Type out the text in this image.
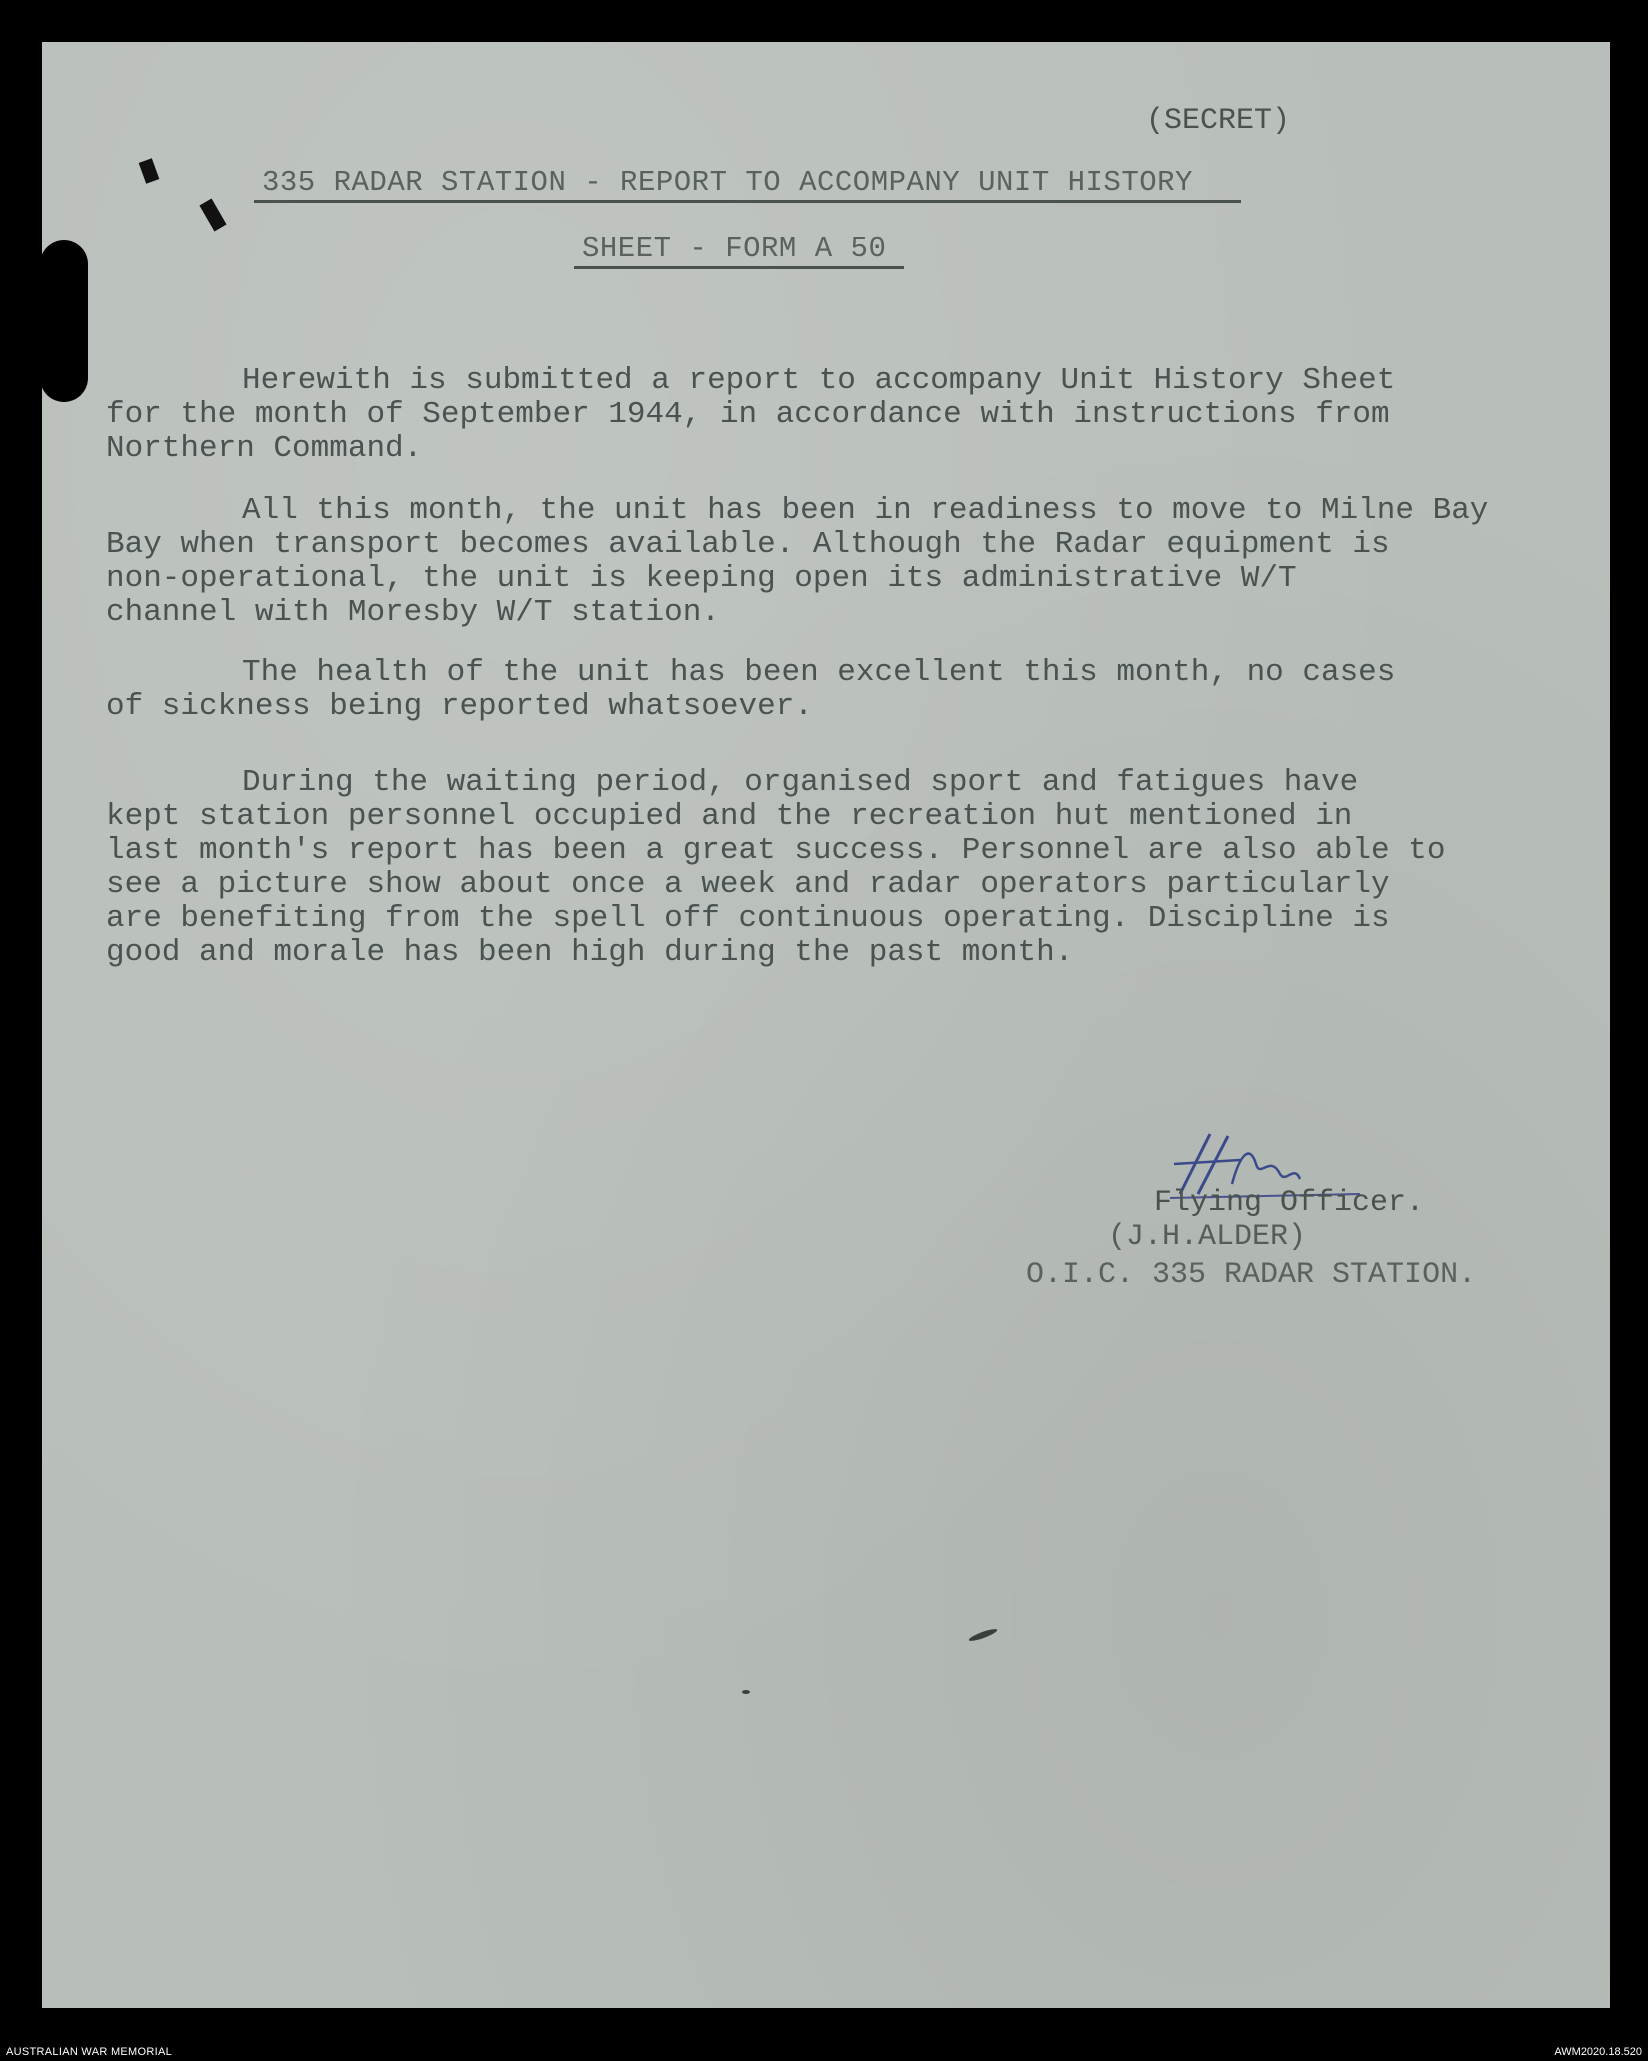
(SECRET)
335 RADAR STATION - REPORT TO ACCOMPANY UNIT HISTORY
SHEET - FORM A 50
Herewith is submitted a report to accompany Unit History Sheet
for the month of September 1944, in accordance with instructions from
Northern Command.
All this month, the unit has been in readiness to move to Milne Bay
Bay when transport becomes available. Although the Radar equipment is
non-operational, the unit is keeping open its administrative W/T
channel with Moresby W/T station.
The health of the unit has been excellent this month, no cases
of sickness being reported whatsoever.
During the waiting period, organised sport and fatigues have
kept station personnel occupied and the recreation hut mentioned in
last month's report has been a great success. Personnel are also able to
see a picture show about once a week and radar operators particularly
are benefiting from the spell off continuous operating. Discipline is
good and morale has been high during the past month.
Flying Officer.
(J.H.ALDER)
O.I.C. 335 RADAR STATION.
AUSTRALIAN WAR MEMORIAL	AWM2020.18.520
